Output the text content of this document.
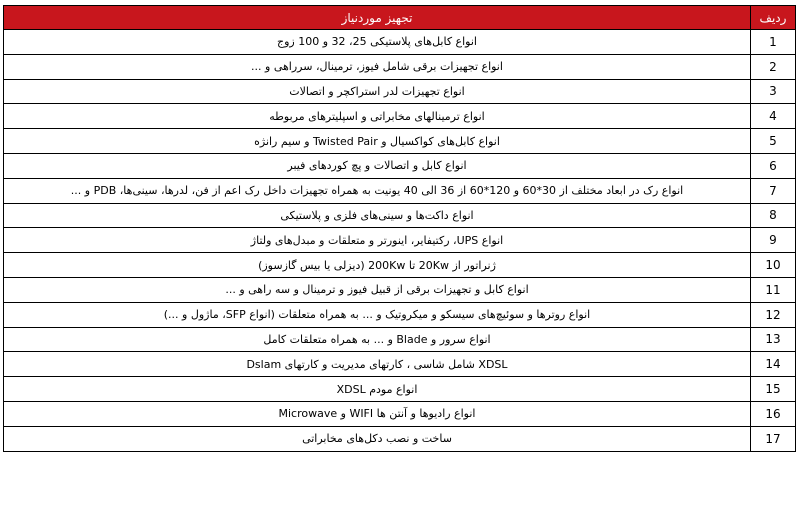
ردیف	تجهیز موردنیاز
1	انواع کابل‌های پلاستیکی 25، 32 و 100 زوج
2	انواع تجهیزات برقی شامل فیوز، ترمینال، سرراهی و ...
3	انواع تجهیزات لدر استراکچر و اتصالات
4	انواع ترمینالهای مخابراتی و اسپلیترهای مربوطه
5	انواع کابل‌های کواکسیال و Twisted Pair و سیم رانژه
6	انواع کابل و اتصالات و پچ کوردهای فیبر
7	انواع رک در ابعاد مختلف از 30*60 و 120*60 از 36 الی 40 یونیت به همراه تجهیزات داخل رک اعم از فن، لدرها، سینی‌ها، PDB و ...
8	انواع داکت‌ها و سینی‌های فلزی و پلاستیکی
9	انواع UPS، رکتیفایر، اینورتر و متعلقات و مبدل‌های ولتاژ
10	ژنراتور از 20Kw تا 200Kw (دیزلی یا بیس گازسوز)
11	انواع کابل و تجهیزات برقی از قبیل فیوز و ترمینال و سه راهی و ...
12	انواع روترها و سوئیچ‌های سیسکو و میکروتیک و ... به همراه متعلقات (انواع SFP، ماژول و ...)
13	انواع سرور و Blade و ... به همراه متعلقات کامل
14	XDSL شامل شاسی ، کارتهای مدیریت و کارتهای Dslam
15	انواع مودم XDSL
16	انواع رادیوها و آنتن ها WIFI و Microwave
17	ساخت و نصب دکل‌های مخابراتی
